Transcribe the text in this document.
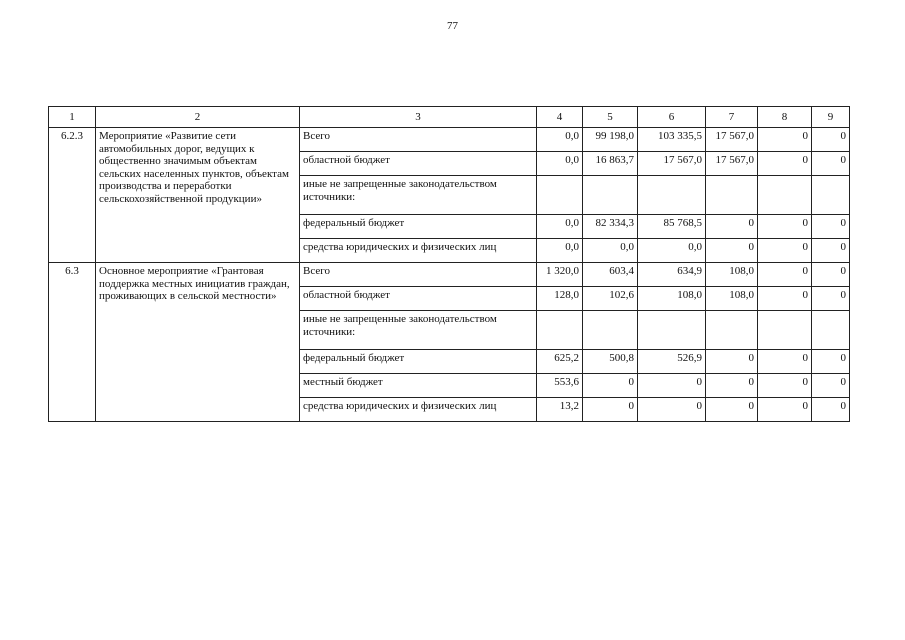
77
1	2	3	4	5	6	7	8	9
6.2.3	Мероприятие «Развитие сети автомобильных дорог, ведущих к общественно значимым объектам сельских населенных пунктов, объектам производства и переработки сельскохозяйственной продукции»	Всего	0,0	99 198,0	103 335,5	17 567,0	0	0
		областной бюджет	0,0	16 863,7	17 567,0	17 567,0	0	0
		иные не запрещенные законодательством источники:						
		федеральный бюджет	0,0	82 334,3	85 768,5	0	0	0
		средства юридических и физических лиц	0,0	0,0	0,0	0	0	0
6.3	Основное мероприятие «Грантовая поддержка местных инициатив граждан, проживающих в сельской местности»	Всего	1 320,0	603,4	634,9	108,0	0	0
		областной бюджет	128,0	102,6	108,0	108,0	0	0
		иные не запрещенные законодательством источники:						
		федеральный бюджет	625,2	500,8	526,9	0	0	0
		местный бюджет	553,6	0	0	0	0	0
		средства юридических и физических лиц	13,2	0	0	0	0	0
